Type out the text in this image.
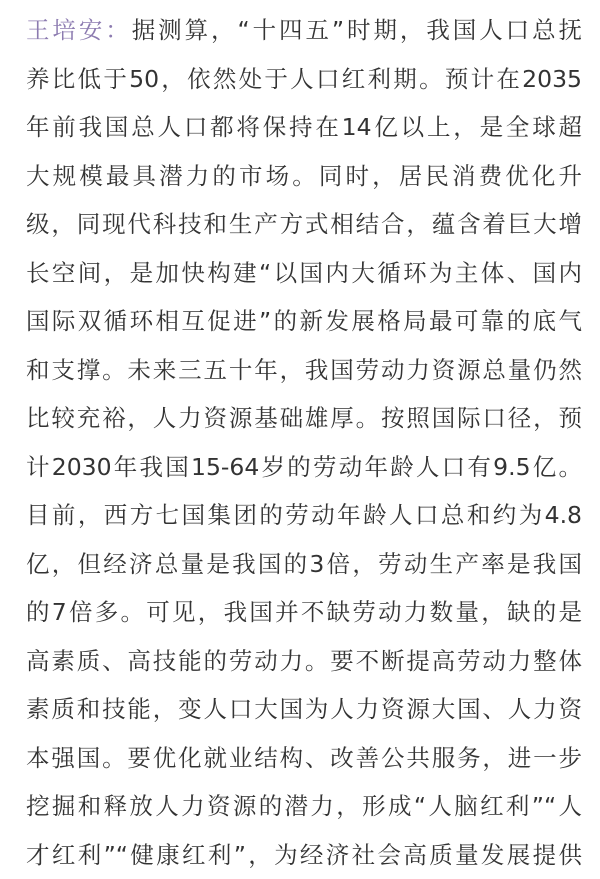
王培安：据测算，“十四五”时期，我国人口总抚
养比低于50，依然处于人口红利期。预计在2035
年前我国总人口都将保持在14亿以上，是全球超
大规模最具潜力的市场。同时，居民消费优化升
级，同现代科技和生产方式相结合，蕴含着巨大增
长空间，是加快构建“以国内大循环为主体、国内
国际双循环相互促进”的新发展格局最可靠的底气
和支撑。未来三五十年，我国劳动力资源总量仍然
比较充裕，人力资源基础雄厚。按照国际口径，预
计2030年我国15-64岁的劳动年龄人口有9.5亿。
目前，西方七国集团的劳动年龄人口总和约为4.8
亿，但经济总量是我国的3倍，劳动生产率是我国
的7倍多。可见，我国并不缺劳动力数量，缺的是
高素质、高技能的劳动力。要不断提高劳动力整体
素质和技能，变人口大国为人力资源大国、人力资
本强国。要优化就业结构、改善公共服务，进一步
挖掘和释放人力资源的潜力，形成“人脑红利”“人
才红利”“健康红利”，为经济社会高质量发展提供
